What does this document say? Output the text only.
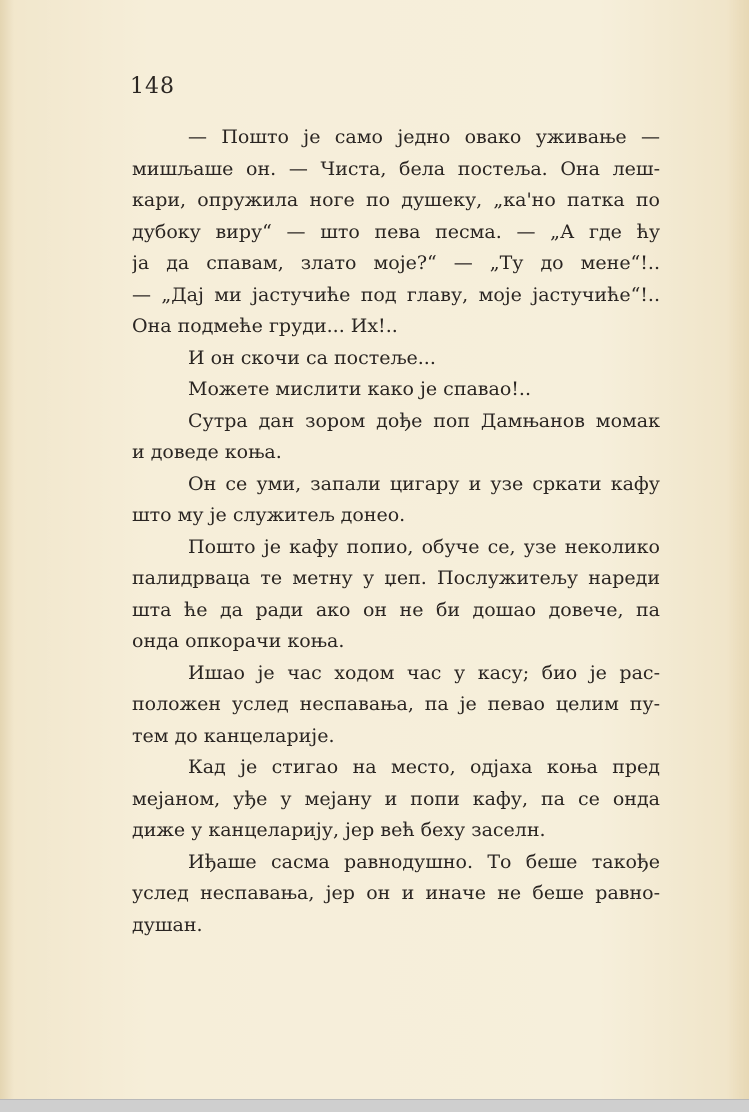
148
— Пошто је само једно овако уживање —
мишљаше он. — Чиста, бела постеља. Она леш-
кари, опружила ноге по душеку, „ка'но патка по
дубоку виру“ — што пева песма. — „А где ћу
ја да спавам, злато моје?“ — „Ту до мене“!..
— „Дај ми јастучиће под главу, моје јастучиће“!..
Она подмеће груди... Их!..
И он скочи са постеље...
Можете мислити како је спавао!..
Сутра дан зором дође поп Дамњанов момак
и доведе коња.
Он се уми, запали цигару и узе сркати кафу
што му је служитељ донео.
Пошто је кафу попио, обуче се, узе неколико
палидрваца те метну у џеп. Послужитељу нареди
шта ће да ради ако он не би дошао довече, па
онда опкорачи коња.
Ишао је час ходом час у касу; био је рас-
положен услед неспавања, па је певао целим пу-
тем до канцеларије.
Кад је стигао на место, одјаха коња пред
мејаном, уђе у мејану и попи кафу, па се онда
диже у канцеларију, јер већ беху заселн.
Иђаше сасма равнодушно. То беше такође
услед неспавања, јер он и иначе не беше равно-
душан.
